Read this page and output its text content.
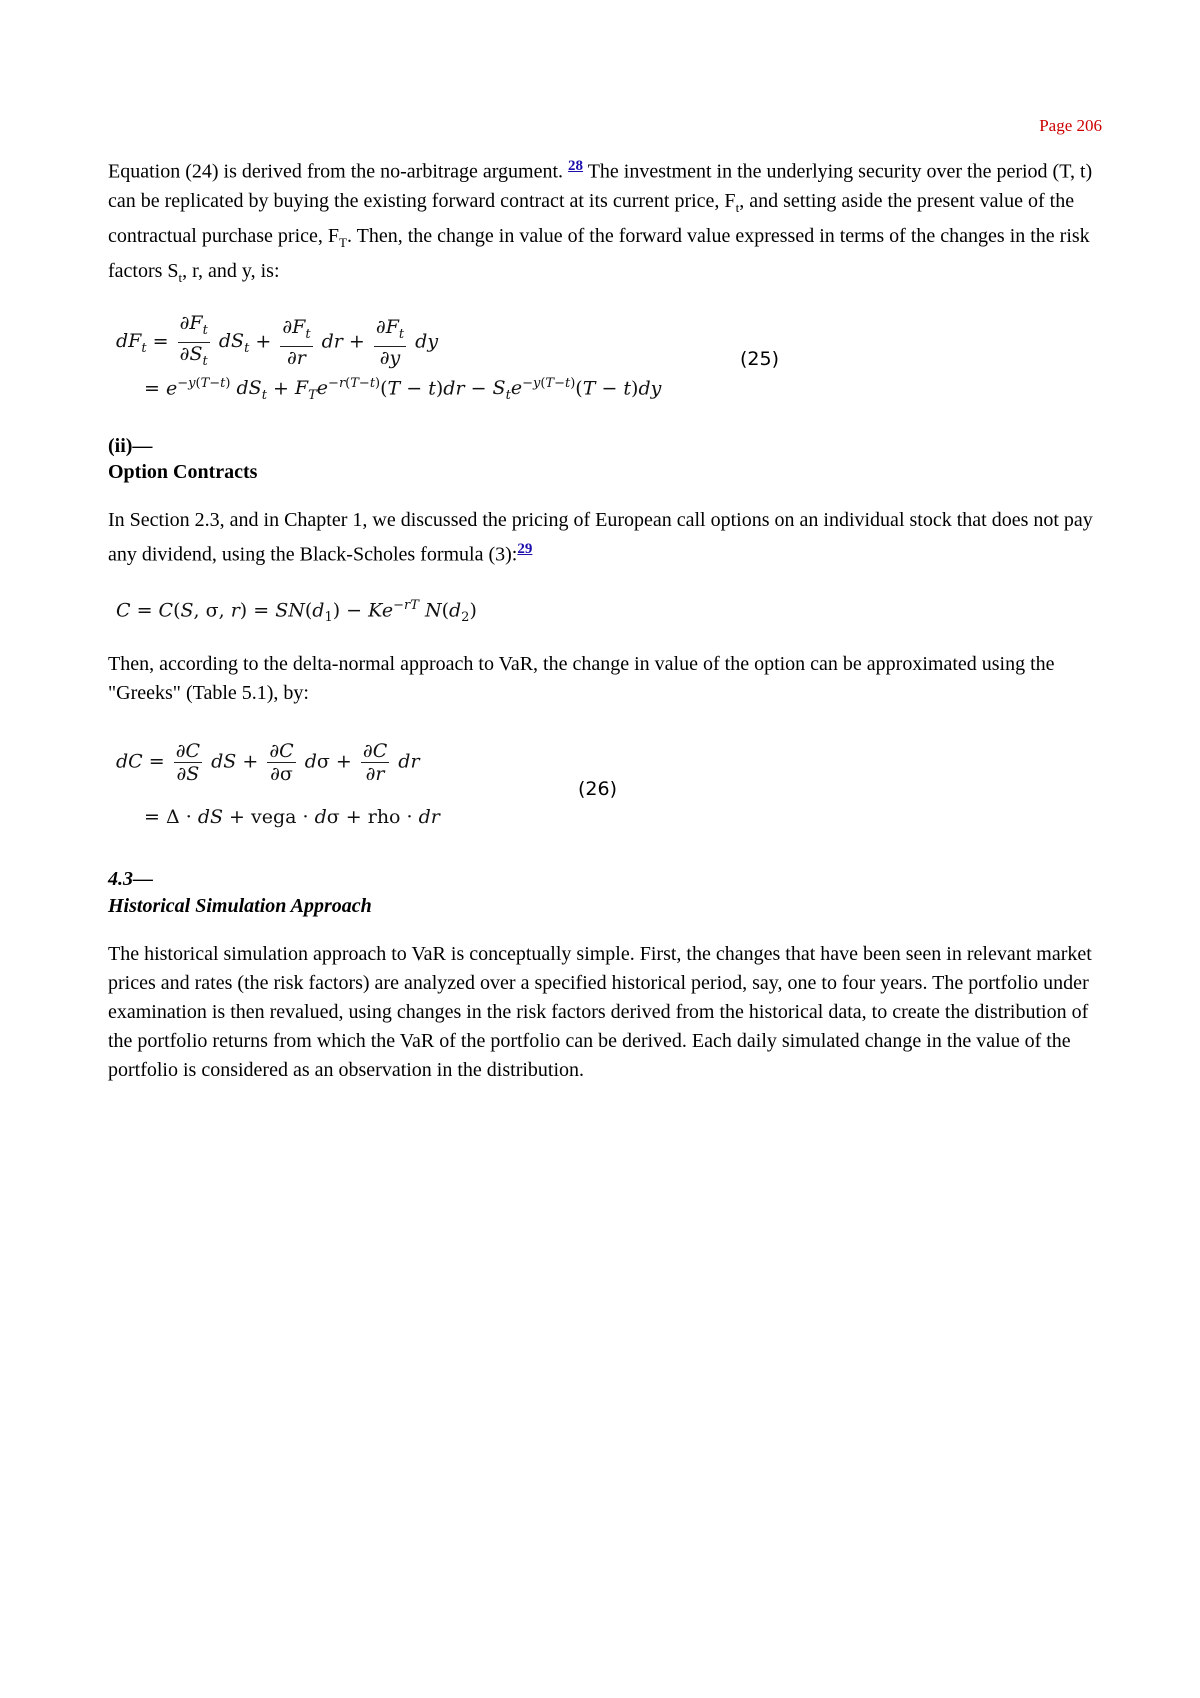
Page 206
Equation (24) is derived from the no-arbitrage argument. $^{28}$ The investment in the underlying security over the period (T, t) can be replicated by buying the existing forward contract at its current price, $F_t$, and setting aside the present value of the contractual purchase price, $F_T$. Then, the change in value of the forward value expressed in terms of the changes in the risk factors $S_t$, r, and y, is:
$dF_t = \frac{\partial F_t}{\partial S_t} dS_t + \frac{\partial F_t}{\partial r}$ dr + $\frac{\partial F_t}{\partial y}$ dy
= $e^{-y(T-t)}$ $dS_t + F_Te^{-r(T-t)}(T - t)dr - S_te^{-y(T-t)}(T - t)dy$
(25)
(ii)—
Option Contracts
In Section 2.3, and in Chapter 1, we discussed the pricing of European call options on an individual stock that does not pay any dividend, using the Black-Scholes formula (3):$^{29}$
C = C(S, σ, $r) = SN(d_1) - Ke^{-rT}$ $N(d_2)$
Then, according to the delta-normal approach to VaR, the change in value of the option can be approximated using the "Greeks" (Table 5.1), by:
dC = $\frac{\partial C}{\partial S}$ dS + $\frac{\partial C}{\partial\sigma}$ $d\sigma + \frac{\partial C}{\partial r}$ dr
= Δ · dS + vega · dσ + rho · dr
(26)
4.3—
Historical Simulation Approach
The historical simulation approach to VaR is conceptually simple. First, the changes that have been seen in relevant market prices and rates (the risk factors) are analyzed over a specified historical period, say, one to four years. The portfolio under examination is then revalued, using changes in the risk factors derived from the historical data, to create the distribution of the portfolio returns from which the VaR of the portfolio can be derived. Each daily simulated change in the value of the portfolio is considered as an observation in the distribution.
